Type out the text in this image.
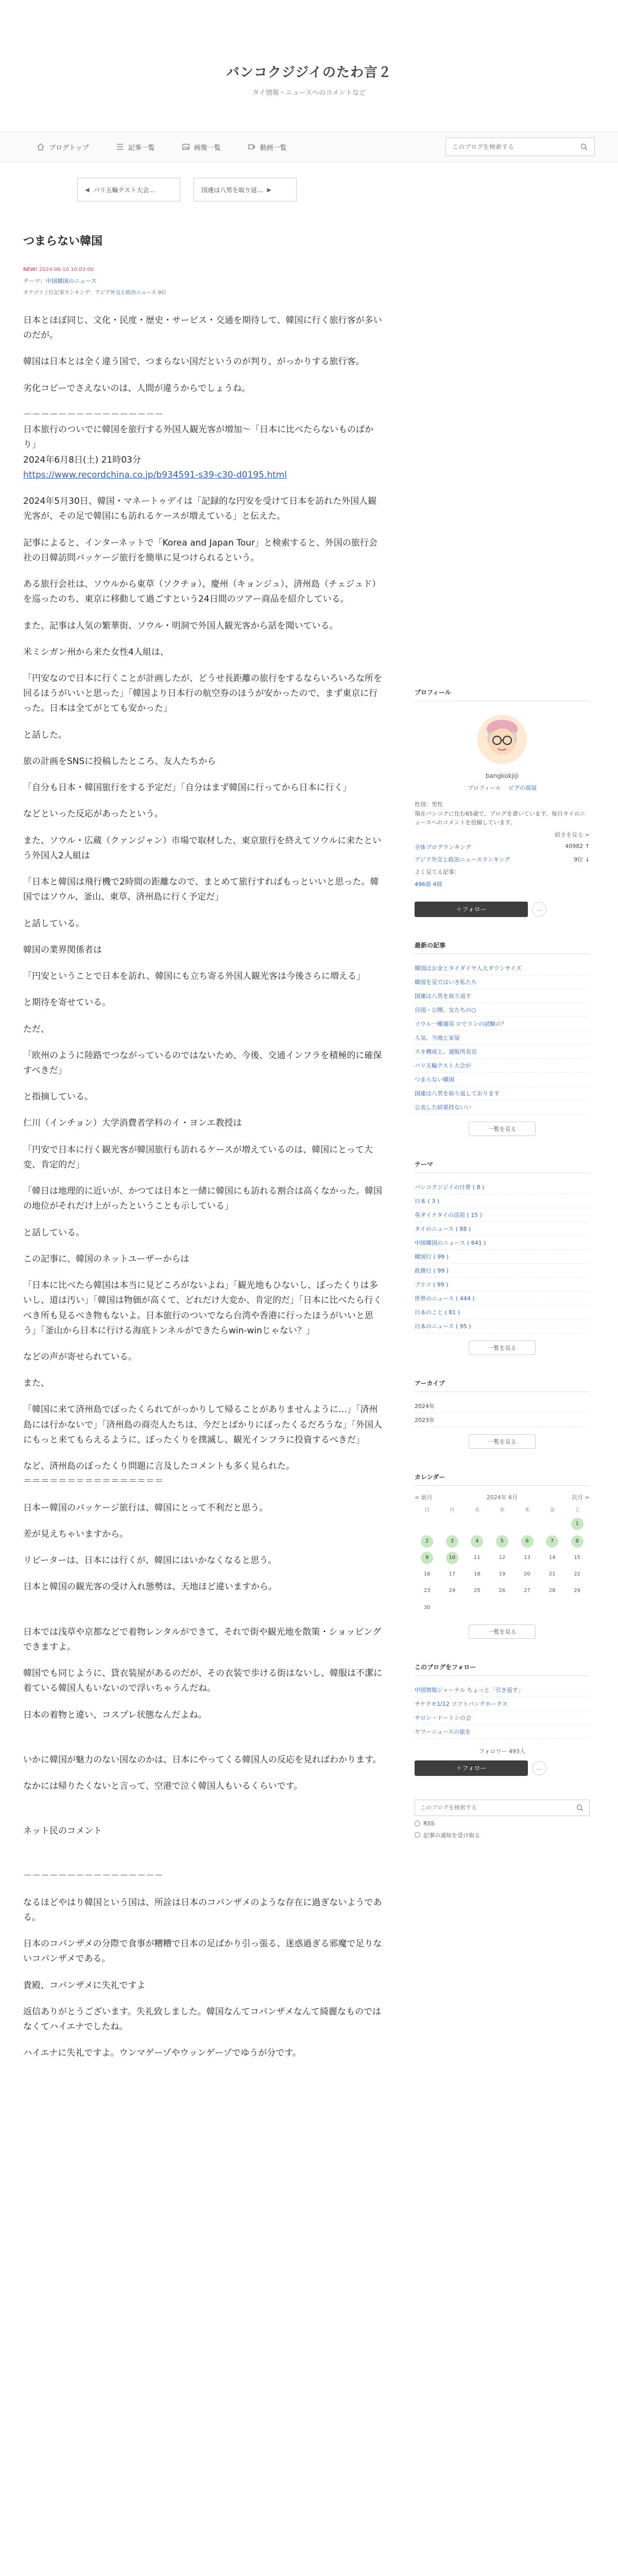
バンコクジジイのたわ言２
タイ情報・ニュースへのコメントなど
ブログトップ	記事一覧	画像一覧	動画一覧
このブログを検索する
◀ パリ五輪テスト大会...	国連は八男を取り返... ▶
つまらない韓国
NEW! 2024-06-10 10:03:00
テーマ：中国韓国のニュース
カテゴリ上位記事ランキング：アジア外交と政治ニュース 9位

日本とほぼ同じ、文化・民度・歴史・サービス・交通を期待して、韓国に行く旅行客が多いのだが。

韓国は日本とは全く違う国で、つまらない国だというのが判り、がっかりする旅行客。

劣化コピーでさえないのは、人間が違うからでしょうね。

－－－－－－－－－－－－－－－－

日本旅行のついでに韓国を旅行する外国人観光客が増加～「日本に比べたらないものばかり」

2024年6月8日(土) 21時03分

https://www.recordchina.co.jp/b934591-s39-c30-d0195.html

2024年5月30日、韓国・マネートゥデイは「記録的な円安を受けて日本を訪れた外国人観光客が、その足で韓国にも訪れるケースが増えている」と伝えた。

記事によると、インターネットで「Korea and Japan Tour」と検索すると、外国の旅行会社の日韓訪問パッケージ旅行を簡単に見つけられるという。

ある旅行会社は、ソウルから東草（ソクチョ）、慶州（キョンジュ）、済州島（チェジュド）を巡ったのち、東京に移動して過ごすという24日間のツアー商品を紹介している。

また、記事は人気の繁華街、ソウル・明洞で外国人観光客から話を聞いている。

米ミシガン州から来た女性4人組は、

「円安なので日本に行くことが計画したが、どうせ長距離の旅行をするならいろいろな所を回るほうがいいと思った」「韓国より日本行の航空券のほうが安かったので、まず東京に行った。日本は全てがとても安かった」

と話した。

旅の計画をSNSに投稿したところ、友人たちから

「自分も日本・韓国旅行をする予定だ」「自分はまず韓国に行ってから日本に行く」

などといった反応があったという。

また、ソウル・広蔵（クァンジャン）市場で取材した、東京旅行を終えてソウルに来たという外国人2人組は

「日本と韓国は飛行機で2時間の距離なので、まとめて旅行すればもっといいと思った。韓国ではソウル、釜山、東草、済州島に行く予定だ」

と話している。

韓国の業界関係者は

「円安ということで日本を訪れ、韓国にも立ち寄る外国人観光客は今後さらに増える」

と期待を寄せている。

ただ、

「欧州のように陸路でつながっているのではないため、今後、交通インフラを積極的に確保すべきだ」

と指摘している。

仁川（インチョン）大学消費者学科のイ・ヨンエ教授は

「円安で日本に行く観光客が韓国旅行も訪れるケースが増えているのは、韓国にとって大変、肯定的だ」

「韓日は地理的に近いが、かつては日本と一緒に韓国にも訪れる割合は高くなかった。韓国の地位がそれだけ上がったということも示している」

と話している。

この記事に、韓国のネットユーザーからは

「日本に比べたら韓国は本当に見どころがないよね」「観光地もひないし、ぼったくりは多いし、道は汚い」「韓国は物価が高くて、どれだけ大変か、肯定的だ」「日本に比べたら行くべき所も見るべき物もないよ。日本旅行のついでなら台湾や香港に行ったほうがいいと思う」「釜山から日本に行ける海底トンネルができたらwin-winじゃない？」

などの声が寄せられている。

また、

「韓国に来て済州島でぼったくられてがっかりして帰ることがありませんように…」「済州島には行かないで」「済州島の商売人たちは、今だとばかりにぼったくるだろうな」「外国人にもっと来てもらえるように、ぼったくりを撲滅し、観光インフラに投資するべきだ」

など、済州島のぼったくり問題に言及したコメントも多く見られた。

＝＝＝＝＝＝＝＝＝＝＝＝＝＝＝＝

日本ー韓国のパッケージ旅行は、韓国にとって不利だと思う。

差が見えちゃいますから。

リピーターは、日本には行くが、韓国にはいかなくなると思う。

日本と韓国の観光客の受け入れ態勢は、天地ほど違いますから。

日本では浅草や京都などで着物レンタルができて、それで街や観光地を散策・ショッピングできますよ。

韓国でも同じように、貸衣装屋があるのだが、その衣装で歩ける街はないし、韓服は不潔に着ている韓国人もいないので浮いちゃうんだね。

日本の着物と違い、コスプレ状態なんだよね。

いかに韓国が魅力のない国なのかは、日本にやってくる韓国人の反応を見ればわかります。

なかには帰りたくないと言って、空港で泣く韓国人もいるくらいです。

ネット民のコメント

－－－－－－－－－－－－－－－－

なるほどやはり韓国という国は、所詮は日本のコパンザメのような存在に過ぎないようである。

日本のコパンザメの分際で食事が糟糟で日本の足ばかり引っ張る、迷惑過ぎる邪魔で足りないコパンザメである。

貴殿、コパンザメに失礼ですよ

返信ありがとうございます。失礼致しました。韓国なんてコパンザメなんて綺麗なものではなくてハイエナでしたね。

ハイエナに失礼ですよ。ウンマゲーゾやウッンゲーゾでゆうが分です。

プロフィール
bangkokjiji
プロフィール ピグの部屋
性別：男性
現在バンコクに住む65歳で、ブログを書いています。毎日タイのニュースへのコメントを投稿しています。
続きを見る >
全体ブログランキング	40982 ↑
アジア外交と政治ニュースランキング	9位 ↓
よく見てる記事：
496冊 4冊
＋フォロー	…
最新の記事
韓国はお金とタイダイヤ人大ダウンサイズ
韓国を見ではいき私たち
国連は八男を取り返す
自国・公開、女たちの○
ソウル一種適用 ロでリンの試験の？
人気、当地と家屋
スキ構成と、通販所長官
パリ五輪テスト大会が
つまらない韓国
国連は八男を取り返しております
公表した結果持ないい
一覧を見る
テーマ
バンコクジジイの日常 ( 8 )
日本 ( 3 )
英ダイナタイの活用 ( 15 )
タイのニュース ( 88 )
中国韓国のニュース ( 641 )
韓国行 ( 99 )
政務行 ( 99 )
ブリコ ( 99 )
世界のニュース ( 444 )
日本のこと ( 81 )
日本のニュース ( 95 )
一覧を見る
アーカイブ
2024年
2023年
一覧を見る
カレンダー
< 前月	2024年 6月	次月 >
日	月	火	水	木	金	土
						1
2	3	4	5	6	7	8
9	10	11	12	13	14	15
16	17	18	19	20	21	22
23	24	25	26	27	28	29
30						
一覧を見る
このブログをフォロー
中国情報ジャーナル ちょっと「引き返す」
チケクモ1/12 ソフトバンクホークス
サロン・ドートンの会
ヤフーニュースの旅を
フォロワー 493人
＋フォロー	…
このブログを検索する
RSS
記事の通知を受け取る
